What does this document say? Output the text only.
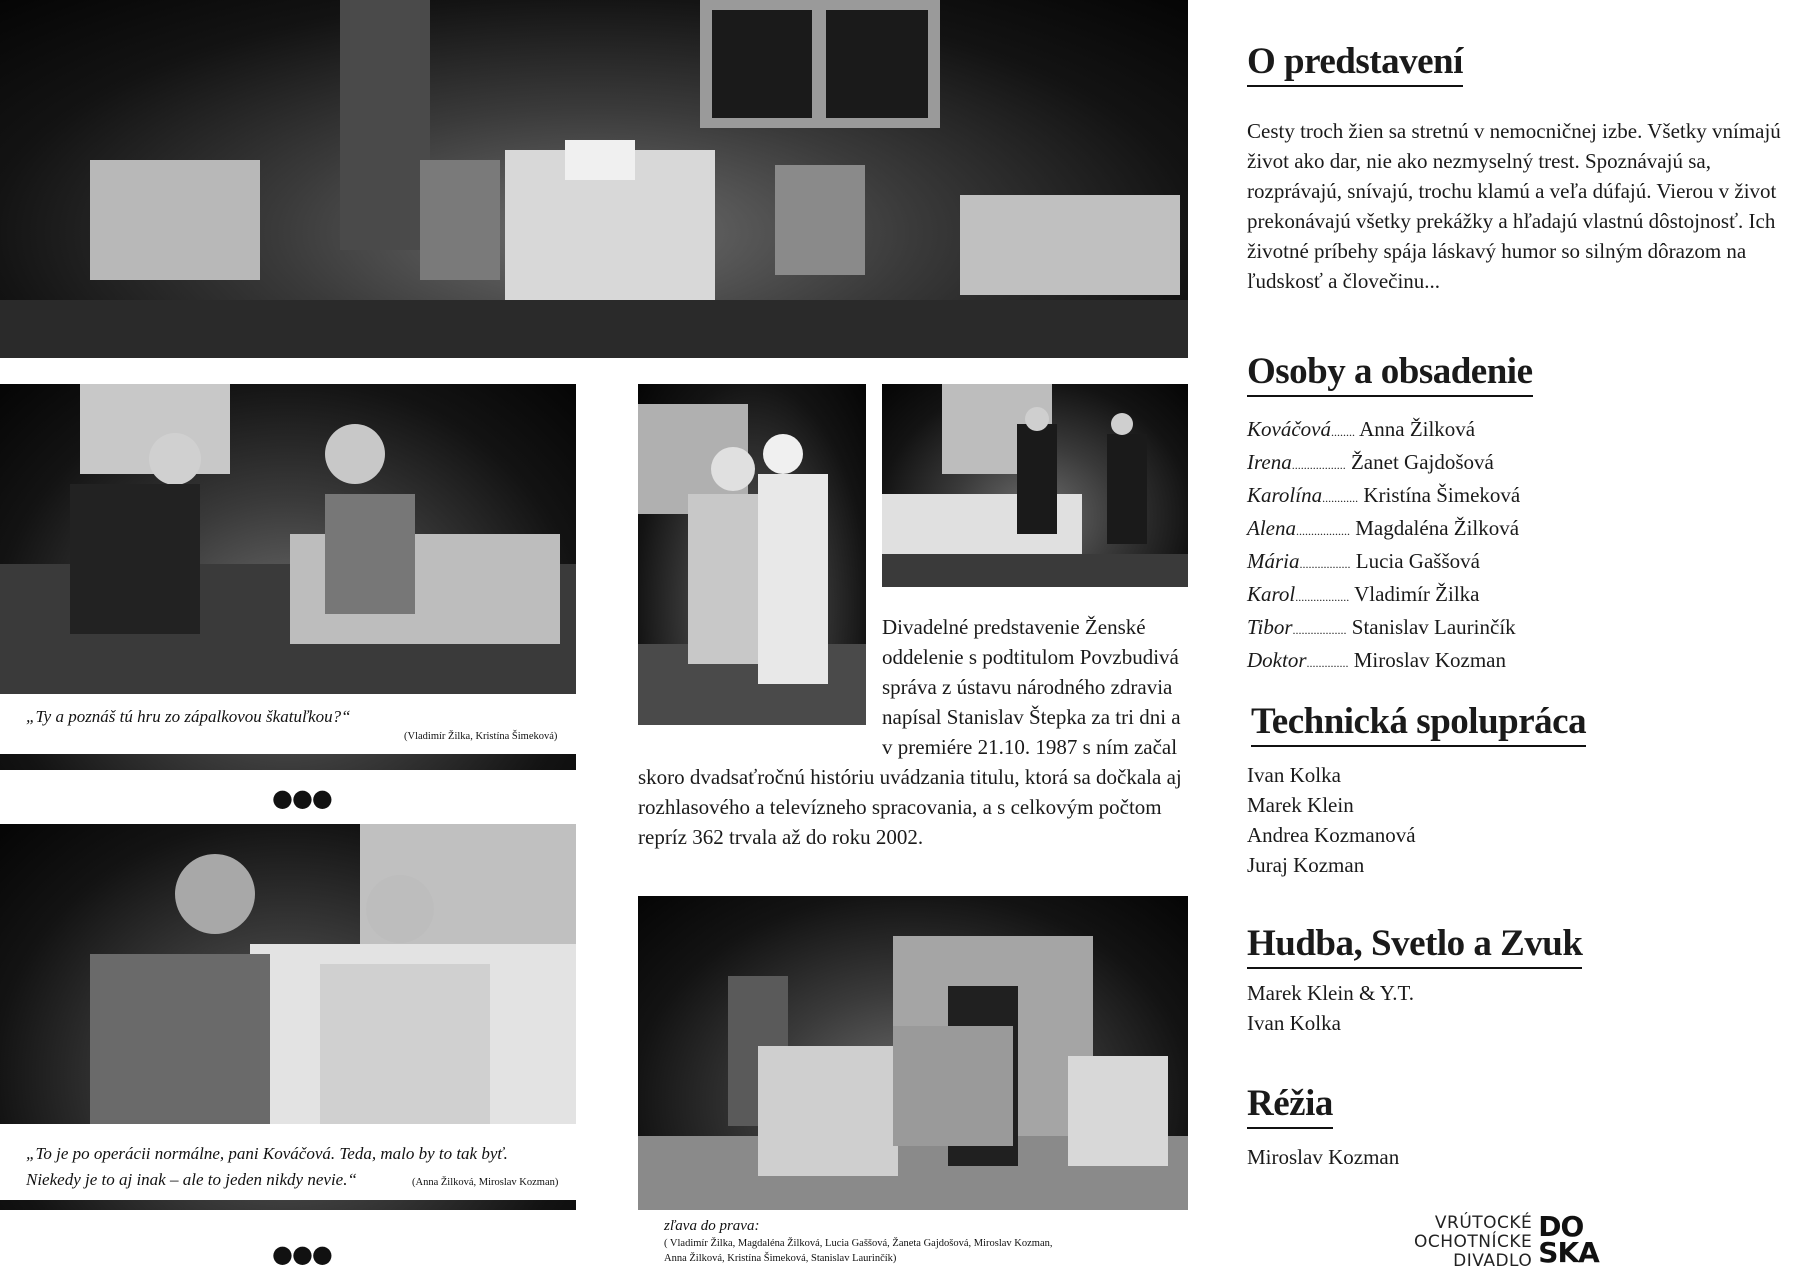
„Ty a poznáš tú hru zo zápalkovou škatuľkou?“
(Vladimír Žilka, Kristína Šimeková)
„To je po operácii normálne, pani Kováčová. Teda, malo by to tak byť.
Niekedy je to aj inak – ale to jeden nikdy nevie.“	(Anna Žilková, Miroslav Kozman)
●●●
●●●
Divadelné predstavenie Ženské oddelenie s podtitulom Povzbudivá správa z ústavu národného zdravia napísal Stanislav Štepka za tri dni a v premiére 21.10. 1987 s ním začal skoro dvadsaťročnú históriu uvádzania titulu, ktorá sa dočkala aj rozhlasového a televízneho spracovania, a s celkovým počtom repríz 362 trvala až do roku 2002.
zľava do prava:
( Vladimír Žilka, Magdaléna Žilková, Lucia Gaššová, Žaneta Gajdošová, Miroslav Kozman,
Anna Žilková, Kristína Šimeková, Stanislav Laurinčík)
O predstavení
Cesty troch žien sa stretnú v nemocničnej izbe. Všetky vnímajú život ako dar, nie ako nezmyselný trest. Spoznávajú sa, rozprávajú, snívajú, trochu klamú a veľa dúfajú. Vierou v život prekonávajú všetky prekážky a hľadajú vlastnú dôstojnosť. Ich životné príbehy spája láskavý humor so silným dôrazom na ľudskosť a človečinu...
Osoby a obsadenie
Kováčová........ Anna Žilková
Irena.................. Žanet Gajdošová
Karolína............ Kristína Šimeková
Alena.................. Magdaléna Žilková
Mária................. Lucia Gaššová
Karol.................. Vladimír Žilka
Tibor.................. Stanislav Laurinčík
Doktor.............. Miroslav Kozman
Technická spolupráca
Ivan Kolka
Marek Klein
Andrea Kozmanová
Juraj Kozman
Hudba, Svetlo a Zvuk
Marek Klein & Y.T.
Ivan Kolka
Réžia
Miroslav Kozman
VRÚTOCKÉ
OCHOTNÍCKE
DIVADLO
DO
SKA
